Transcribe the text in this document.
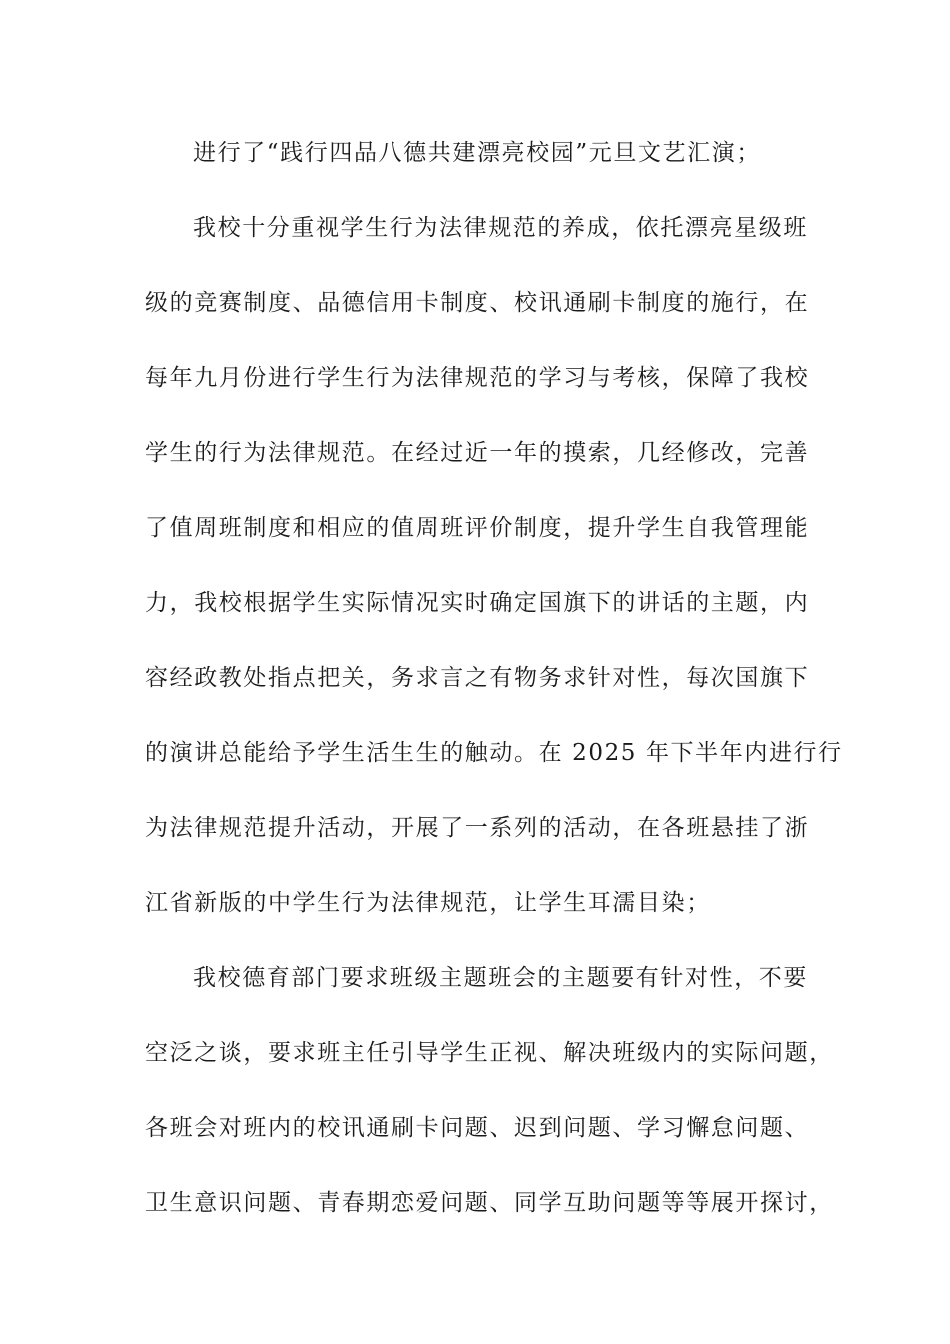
进行了“践行四品八德共建漂亮校园”元旦文艺汇演；

我校十分重视学生行为法律规范的养成，依托漂亮星级班

级的竞赛制度、品德信用卡制度、校讯通刷卡制度的施行，在

每年九月份进行学生行为法律规范的学习与考核，保障了我校

学生的行为法律规范。在经过近一年的摸索，几经修改，完善

了值周班制度和相应的值周班评价制度，提升学生自我管理能

力，我校根据学生实际情况实时确定国旗下的讲话的主题，内

容经政教处指点把关，务求言之有物务求针对性，每次国旗下

的演讲总能给予学生活生生的触动。在 2025 年下半年内进行行

为法律规范提升活动，开展了一系列的活动，在各班悬挂了浙

江省新版的中学生行为法律规范，让学生耳濡目染；

我校德育部门要求班级主题班会的主题要有针对性，不要

空泛之谈，要求班主任引导学生正视、解决班级内的实际问题，

各班会对班内的校讯通刷卡问题、迟到问题、学习懈怠问题、

卫生意识问题、青春期恋爱问题、同学互助问题等等展开探讨，
